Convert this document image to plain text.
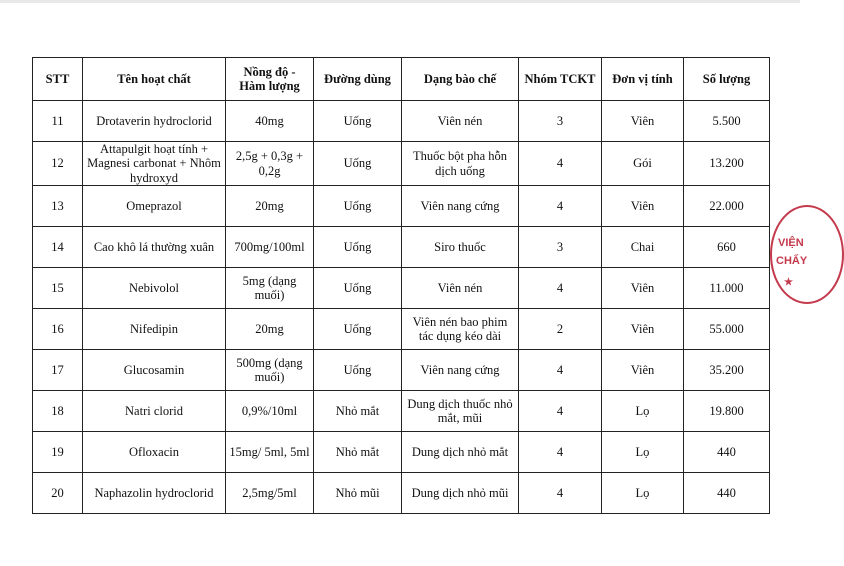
STT	Tên hoạt chất	Nồng độ - Hàm lượng	Đường dùng	Dạng bào chế	Nhóm TCKT	Đơn vị tính	Số lượng
11	Drotaverin hydroclorid	40mg	Uống	Viên nén	3	Viên	5.500
12	Attapulgit hoạt tính + Magnesi carbonat + Nhôm hydroxyd	2,5g + 0,3g + 0,2g	Uống	Thuốc bột pha hỗn dịch uống	4	Gói	13.200
13	Omeprazol	20mg	Uống	Viên nang cứng	4	Viên	22.000
14	Cao khô lá thường xuân	700mg/100ml	Uống	Siro thuốc	3	Chai	660
15	Nebivolol	5mg (dạng muối)	Uống	Viên nén	4	Viên	11.000
16	Nifedipin	20mg	Uống	Viên nén bao phim tác dụng kéo dài	2	Viên	55.000
17	Glucosamin	500mg (dạng muối)	Uống	Viên nang cứng	4	Viên	35.200
18	Natri clorid	0,9%/10ml	Nhỏ mắt	Dung dịch thuốc nhỏ mắt, mũi	4	Lọ	19.800
19	Ofloxacin	15mg/ 5ml, 5ml	Nhỏ mắt	Dung dịch nhỏ mắt	4	Lọ	440
20	Naphazolin hydroclorid	2,5mg/5ml	Nhỏ mũi	Dung dịch nhỏ mũi	4	Lọ	440
VIỆN
CHẤY
★
